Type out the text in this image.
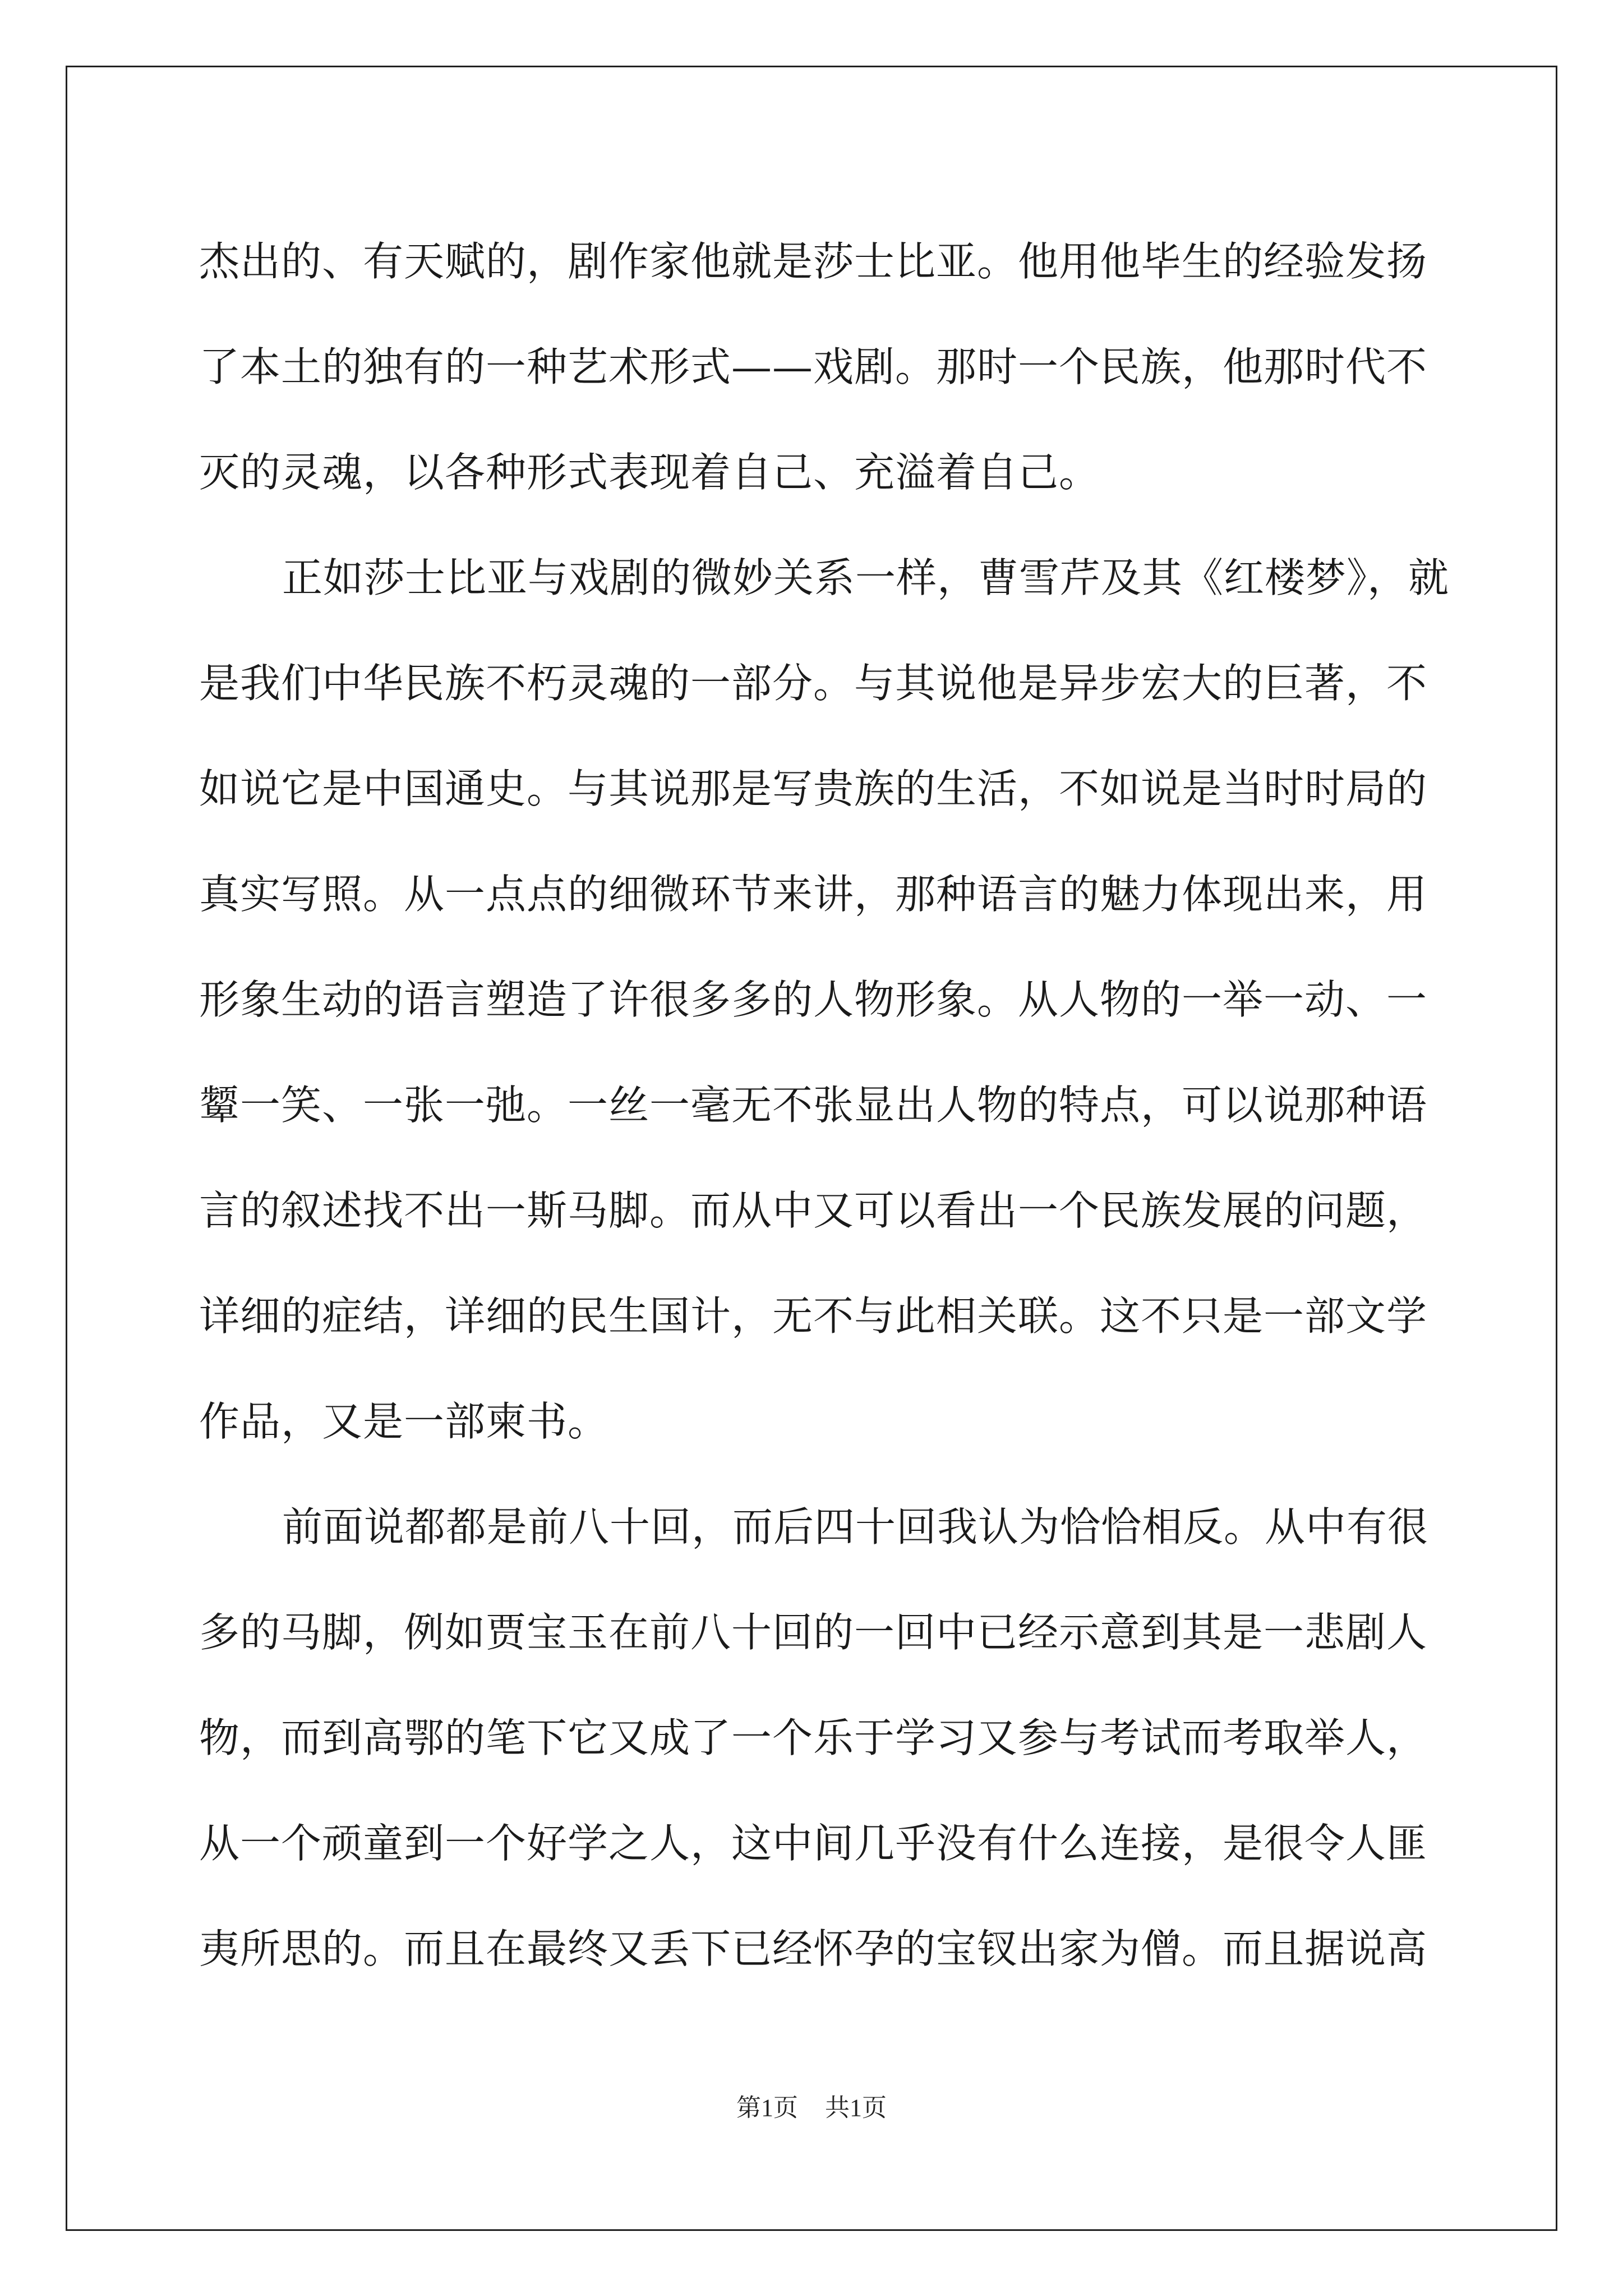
杰出的、有天赋的，剧作家他就是莎士比亚。他用他毕生的经验发扬
了本土的独有的一种艺术形式——戏剧。那时一个民族，他那时代不
灭的灵魂，以各种形式表现着自己、充溢着自己。
正如莎士比亚与戏剧的微妙关系一样，曹雪芹及其《红楼梦》，就
是我们中华民族不朽灵魂的一部分。与其说他是异步宏大的巨著，不
如说它是中国通史。与其说那是写贵族的生活，不如说是当时时局的
真实写照。从一点点的细微环节来讲，那种语言的魅力体现出来，用
形象生动的语言塑造了许很多多的人物形象。从人物的一举一动、一
颦一笑、一张一弛。一丝一毫无不张显出人物的特点，可以说那种语
言的叙述找不出一斯马脚。而从中又可以看出一个民族发展的问题，
详细的症结，详细的民生国计，无不与此相关联。这不只是一部文学
作品，又是一部柬书。
前面说都都是前八十回，而后四十回我认为恰恰相反。从中有很
多的马脚，例如贾宝玉在前八十回的一回中已经示意到其是一悲剧人
物，而到高鄂的笔下它又成了一个乐于学习又参与考试而考取举人，
从一个顽童到一个好学之人，这中间几乎没有什么连接，是很令人匪
夷所思的。而且在最终又丢下已经怀孕的宝钗出家为僧。而且据说高
第1页 共1页
